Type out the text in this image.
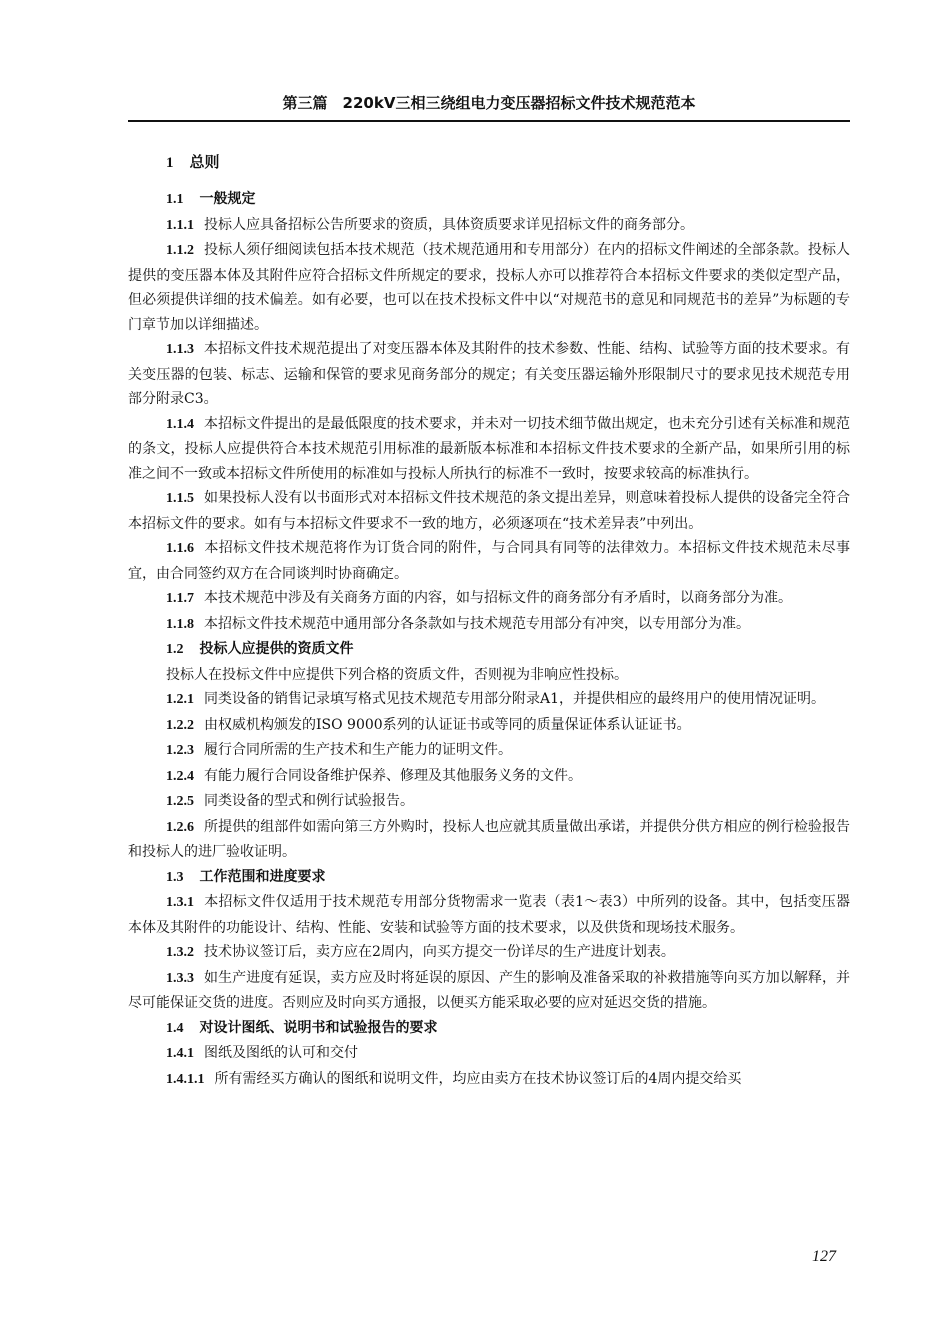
第三篇　220kV三相三绕组电力变压器招标文件技术规范范本
1 总则
1.1 一般规定
1.1.1 投标人应具备招标公告所要求的资质，具体资质要求详见招标文件的商务部分。
1.1.2 投标人须仔细阅读包括本技术规范（技术规范通用和专用部分）在内的招标文件阐述的全部条款。投标人提供的变压器本体及其附件应符合招标文件所规定的要求，投标人亦可以推荐符合本招标文件要求的类似定型产品，但必须提供详细的技术偏差。如有必要，也可以在技术投标文件中以“对规范书的意见和同规范书的差异”为标题的专门章节加以详细描述。
1.1.3 本招标文件技术规范提出了对变压器本体及其附件的技术参数、性能、结构、试验等方面的技术要求。有关变压器的包装、标志、运输和保管的要求见商务部分的规定；有关变压器运输外形限制尺寸的要求见技术规范专用部分附录C3。
1.1.4 本招标文件提出的是最低限度的技术要求，并未对一切技术细节做出规定，也未充分引述有关标准和规范的条文，投标人应提供符合本技术规范引用标准的最新版本标准和本招标文件技术要求的全新产品，如果所引用的标准之间不一致或本招标文件所使用的标准如与投标人所执行的标准不一致时，按要求较高的标准执行。
1.1.5 如果投标人没有以书面形式对本招标文件技术规范的条文提出差异，则意味着投标人提供的设备完全符合本招标文件的要求。如有与本招标文件要求不一致的地方，必须逐项在“技术差异表”中列出。
1.1.6 本招标文件技术规范将作为订货合同的附件，与合同具有同等的法律效力。本招标文件技术规范未尽事宜，由合同签约双方在合同谈判时协商确定。
1.1.7 本技术规范中涉及有关商务方面的内容，如与招标文件的商务部分有矛盾时，以商务部分为准。
1.1.8 本招标文件技术规范中通用部分各条款如与技术规范专用部分有冲突，以专用部分为准。
1.2 投标人应提供的资质文件
投标人在投标文件中应提供下列合格的资质文件，否则视为非响应性投标。
1.2.1 同类设备的销售记录填写格式见技术规范专用部分附录A1，并提供相应的最终用户的使用情况证明。
1.2.2 由权威机构颁发的ISO 9000系列的认证证书或等同的质量保证体系认证证书。
1.2.3 履行合同所需的生产技术和生产能力的证明文件。
1.2.4 有能力履行合同设备维护保养、修理及其他服务义务的文件。
1.2.5 同类设备的型式和例行试验报告。
1.2.6 所提供的组部件如需向第三方外购时，投标人也应就其质量做出承诺，并提供分供方相应的例行检验报告和投标人的进厂验收证明。
1.3 工作范围和进度要求
1.3.1 本招标文件仅适用于技术规范专用部分货物需求一览表（表1～表3）中所列的设备。其中，包括变压器本体及其附件的功能设计、结构、性能、安装和试验等方面的技术要求，以及供货和现场技术服务。
1.3.2 技术协议签订后，卖方应在2周内，向买方提交一份详尽的生产进度计划表。
1.3.3 如生产进度有延误，卖方应及时将延误的原因、产生的影响及准备采取的补救措施等向买方加以解释，并尽可能保证交货的进度。否则应及时向买方通报，以便买方能采取必要的应对延迟交货的措施。
1.4 对设计图纸、说明书和试验报告的要求
1.4.1 图纸及图纸的认可和交付
1.4.1.1 所有需经买方确认的图纸和说明文件，均应由卖方在技术协议签订后的4周内提交给买
127
